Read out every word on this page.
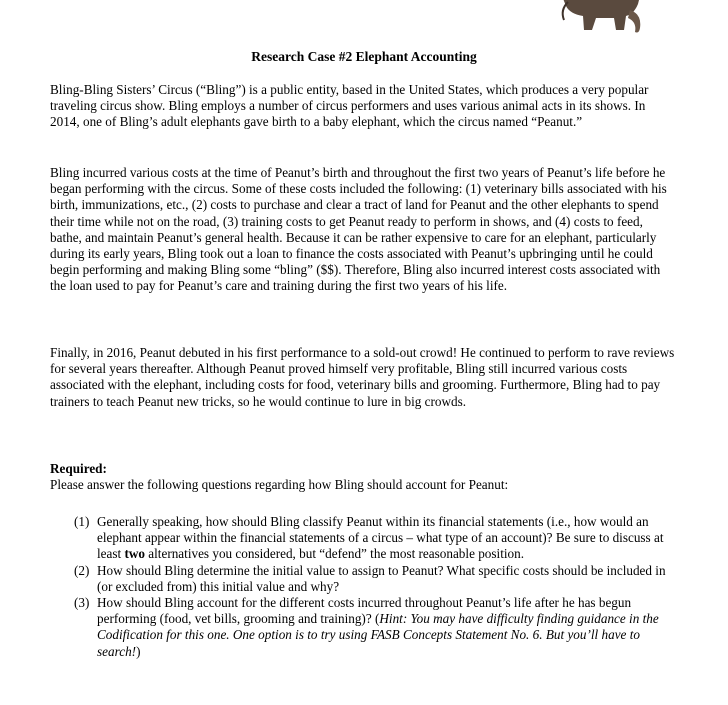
Research Case #2 Elephant Accounting

Bling-Bling Sisters’ Circus (“Bling”) is a public entity, based in the United States, which produces a very popular traveling circus show. Bling employs a number of circus performers and uses various animal acts in its shows. In 2014, one of Bling’s adult elephants gave birth to a baby elephant, which the circus named “Peanut.”

Bling incurred various costs at the time of Peanut’s birth and throughout the first two years of Peanut’s life before he began performing with the circus. Some of these costs included the following: (1) veterinary bills associated with his birth, immunizations, etc., (2) costs to purchase and clear a tract of land for Peanut and the other elephants to spend their time while not on the road, (3) training costs to get Peanut ready to perform in shows, and (4) costs to feed, bathe, and maintain Peanut’s general health. Because it can be rather expensive to care for an elephant, particularly during its early years, Bling took out a loan to finance the costs associated with Peanut’s upbringing until he could begin performing and making Bling some “bling” ($$). Therefore, Bling also incurred interest costs associated with the loan used to pay for Peanut’s care and training during the first two years of his life.

Finally, in 2016, Peanut debuted in his first performance to a sold-out crowd! He continued to perform to rave reviews for several years thereafter. Although Peanut proved himself very profitable, Bling still incurred various costs associated with the elephant, including costs for food, veterinary bills and grooming. Furthermore, Bling had to pay trainers to teach Peanut new tricks, so he would continue to lure in big crowds.

Required:
Please answer the following questions regarding how Bling should account for Peanut:
(1) Generally speaking, how should Bling classify Peanut within its financial statements (i.e., how would an elephant appear within the financial statements of a circus – what type of an account)? Be sure to discuss at least two alternatives you considered, but “defend” the most reasonable position.
(2) How should Bling determine the initial value to assign to Peanut? What specific costs should be included in (or excluded from) this initial value and why?
(3) How should Bling account for the different costs incurred throughout Peanut’s life after he has begun performing (food, vet bills, grooming and training)? (Hint: You may have difficulty finding guidance in the Codification for this one. One option is to try using FASB Concepts Statement No. 6. But you’ll have to search!)
